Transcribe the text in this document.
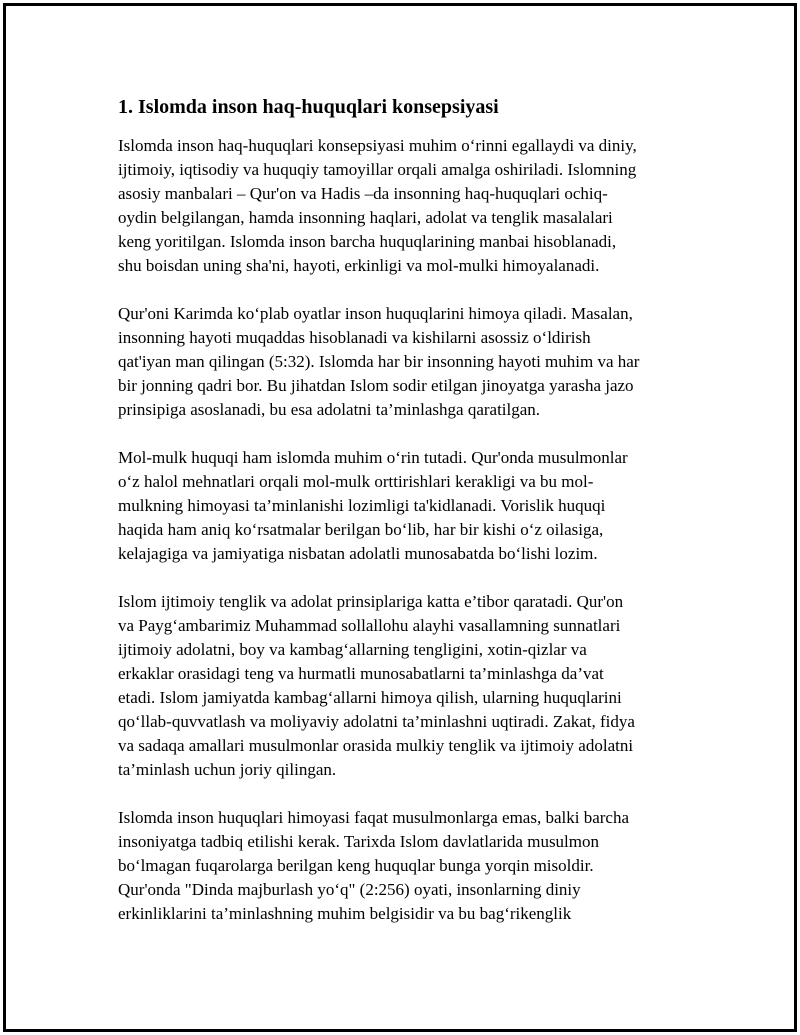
1. Islomda inson haq-huquqlari konsepsiyasi

Islomda inson haq-huquqlari konsepsiyasi muhim o‘rinni egallaydi va diniy,
ijtimoiy, iqtisodiy va huquqiy tamoyillar orqali amalga oshiriladi. Islomning
asosiy manbalari – Qur'on va Hadis –da insonning haq-huquqlari ochiq-
oydin belgilangan, hamda insonning haqlari, adolat va tenglik masalalari
keng yoritilgan. Islomda inson barcha huquqlarining manbai hisoblanadi,
shu boisdan uning sha'ni, hayoti, erkinligi va mol-mulki himoyalanadi.

Qur'oni Karimda ko‘plab oyatlar inson huquqlarini himoya qiladi. Masalan,
insonning hayoti muqaddas hisoblanadi va kishilarni asossiz o‘ldirish
qat'iyan man qilingan (5:32). Islomda har bir insonning hayoti muhim va har
bir jonning qadri bor. Bu jihatdan Islom sodir etilgan jinoyatga yarasha jazo
prinsipiga asoslanadi, bu esa adolatni ta’minlashga qaratilgan.

Mol-mulk huquqi ham islomda muhim o‘rin tutadi. Qur'onda musulmonlar
o‘z halol mehnatlari orqali mol-mulk orttirishlari kerakligi va bu mol-
mulkning himoyasi ta’minlanishi lozimligi ta'kidlanadi. Vorislik huquqi
haqida ham aniq ko‘rsatmalar berilgan bo‘lib, har bir kishi o‘z oilasiga,
kelajagiga va jamiyatiga nisbatan adolatli munosabatda bo‘lishi lozim.

Islom ijtimoiy tenglik va adolat prinsiplariga katta e’tibor qaratadi. Qur'on
va Payg‘ambarimiz Muhammad sollallohu alayhi vasallamning sunnatlari
ijtimoiy adolatni, boy va kambag‘allarning tengligini, xotin-qizlar va
erkaklar orasidagi teng va hurmatli munosabatlarni ta’minlashga da’vat
etadi. Islom jamiyatda kambag‘allarni himoya qilish, ularning huquqlarini
qo‘llab-quvvatlash va moliyaviy adolatni ta’minlashni uqtiradi. Zakat, fidya
va sadaqa amallari musulmonlar orasida mulkiy tenglik va ijtimoiy adolatni
ta’minlash uchun joriy qilingan.

Islomda inson huquqlari himoyasi faqat musulmonlarga emas, balki barcha
insoniyatga tadbiq etilishi kerak. Tarixda Islom davlatlarida musulmon
bo‘lmagan fuqarolarga berilgan keng huquqlar bunga yorqin misoldir.
Qur'onda "Dinda majburlash yo‘q" (2:256) oyati, insonlarning diniy
erkinliklarini ta’minlashning muhim belgisidir va bu bag‘rikenglik
